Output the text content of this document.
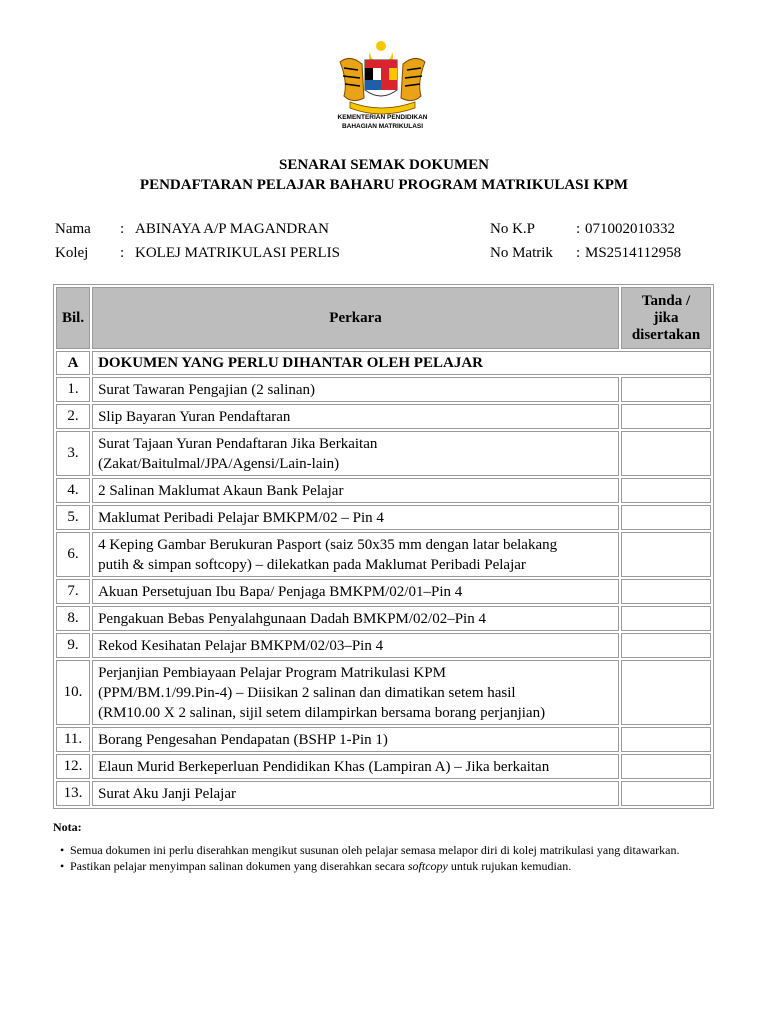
KEMENTERIAN PENDIDIKAN
BAHAGIAN MATRIKULASI
SENARAI SEMAK DOKUMEN
PENDAFTARAN PELAJAR BAHARU PROGRAM MATRIKULASI KPM
Nama : ABINAYA A/P MAGANDRAN
Kolej : KOLEJ MATRIKULASI PERLIS
No K.P	: 071002010332
No Matrik : MS2514112958
Bil.	Perkara	Tanda /
jika
disertakan

A	DOKUMEN YANG PERLU DIHANTAR OLEH PELAJAR	
1.	Surat Tawaran Pengajian (2 salinan)	

2.	Slip Bayaran Yuran Pendaftaran	

3.	Surat Tajaan Yuran Pendaftaran Jika Berkaitan
(Zakat/Baitulmal/JPA/Agensi/Lain-lain)	

4.	2 Salinan Maklumat Akaun Bank Pelajar	

5.	Maklumat Peribadi Pelajar BMKPM/02 – Pin 4	

6.	4 Keping Gambar Berukuran Pasport (saiz 50x35 mm dengan latar belakang
putih & simpan softcopy) – dilekatkan pada Maklumat Peribadi Pelajar	

7.	Akuan Persetujuan Ibu Bapa/ Penjaga BMKPM/02/01–Pin 4	

8.	Pengakuan Bebas Penyalahgunaan Dadah BMKPM/02/02–Pin 4	

9.	Rekod Kesihatan Pelajar BMKPM/02/03–Pin 4	

10.	Perjanjian Pembiayaan Pelajar Program Matrikulasi KPM
(PPM/BM.1/99.Pin-4) – Diisikan 2 salinan dan dimatikan setem hasil
(RM10.00 X 2 salinan, sijil setem dilampirkan bersama borang perjanjian)	

11.	Borang Pengesahan Pendapatan (BSHP 1-Pin 1)	

12.	Elaun Murid Berkeperluan Pendidikan Khas (Lampiran A) – Jika berkaitan	

13.	Surat Aku Janji Pelajar	

Nota:
• Semua dokumen ini perlu diserahkan mengikut susunan oleh pelajar semasa melapor diri di kolej matrikulasi yang ditawarkan.
• Pastikan pelajar menyimpan salinan dokumen yang diserahkan secara softcopy untuk rujukan kemudian.
